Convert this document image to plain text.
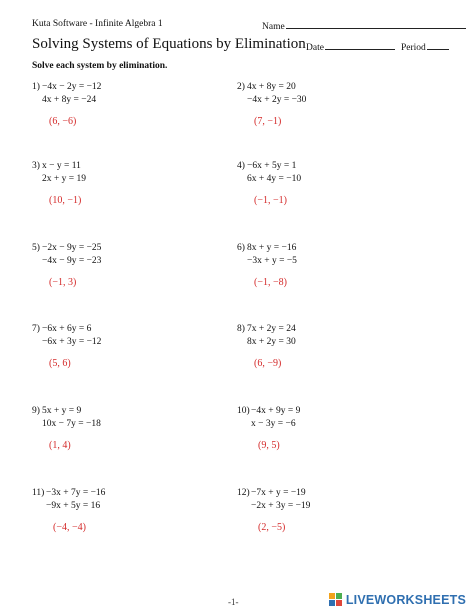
Kuta Software - Infinite Algebra 1	Name
Solving Systems of Equations by Elimination Date	Period
Solve each system by elimination.
1) −4x − 2y = −12
4x + 8y = −24
(6, −6)
2) 4x + 8y = 20
−4x + 2y = −30
(7, −1)
3) x − y = 11
2x + y = 19
(10, −1)
4) −6x + 5y = 1
6x + 4y = −10
(−1, −1)
5) −2x − 9y = −25
−4x − 9y = −23
(−1, 3)
6) 8x + y = −16
−3x + y = −5
(−1, −8)
7) −6x + 6y = 6
−6x + 3y = −12
(5, 6)
8) 7x + 2y = 24
8x + 2y = 30
(6, −9)
9) 5x + y = 9
10x − 7y = −18
(1, 4)
10) −4x + 9y = 9
x − 3y = −6
(9, 5)
11) −3x + 7y = −16
−9x + 5y = 16
(−4, −4)
12) −7x + y = −19
−2x + 3y = −19
(2, −5)
-1-	LIVEWORKSHEETS
